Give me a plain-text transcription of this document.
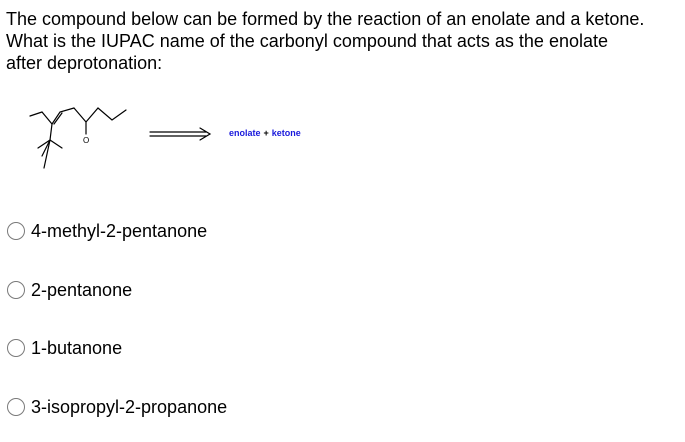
The compound below can be formed by the reaction of an enolate and a ketone.
What is the IUPAC name of the carbonyl compound that acts as the enolate
after deprotonation:
O
enolate + ketone
4-methyl-2-pentanone
2-pentanone
1-butanone
3-isopropyl-2-propanone
